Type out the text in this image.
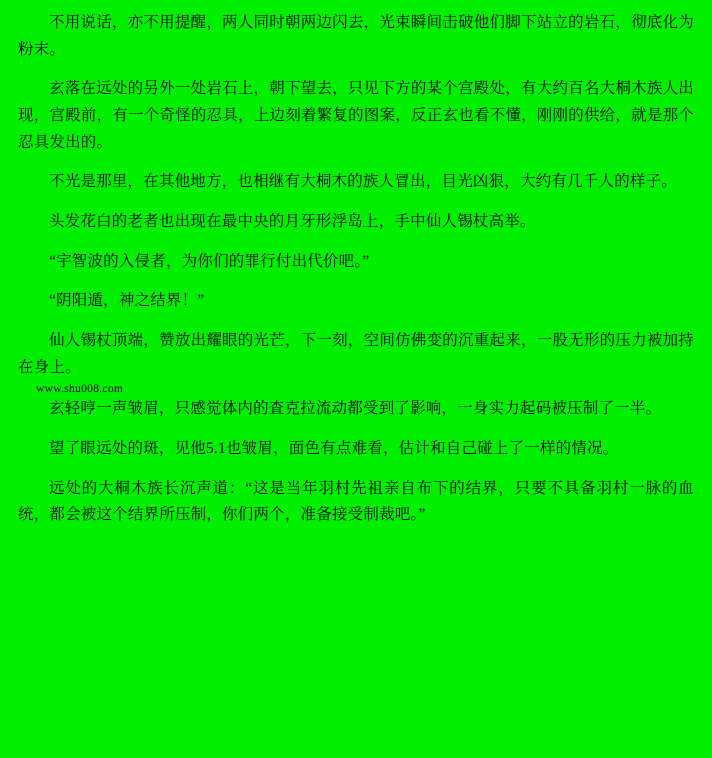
不用说话，亦不用提醒，两人同时朝两边闪去，光束瞬间击破他们脚下站立的岩石，彻底化为粉末。

玄落在远处的另外一处岩石上，朝下望去，只见下方的某个宫殿处，有大约百名大桐木族人出现，宫殿前，有一个奇怪的忍具，上边刻着繁复的图案，反正玄也看不懂，刚刚的供给，就是那个忍具发出的。

不光是那里，在其他地方，也相继有大桐木的族人冒出，目光凶狠，大约有几千人的样子。

头发花白的老者也出现在最中央的月牙形浮岛上，手中仙人锡杖高举。

“宇智波的入侵者，为你们的罪行付出代价吧。”

“阴阳遁，神之结界！”

仙人锡杖顶端，赞放出耀眼的光芒，下一刻，空间仿佛变的沉重起来，一股无形的压力被加持在身上。

www.shu008.com

玄轻哼一声皱眉，只感觉体内的查克拉流动都受到了影响，一身实力起码被压制了一半。

望了眼远处的斑，见他5.1也皱眉，面色有点难看，估计和自己碰上了一样的情况。

远处的大桐木族长沉声道：“这是当年羽村先祖亲自布下的结界，只要不具备羽村一脉的血统，都会被这个结界所压制，你们两个，准备接受制裁吧。”
